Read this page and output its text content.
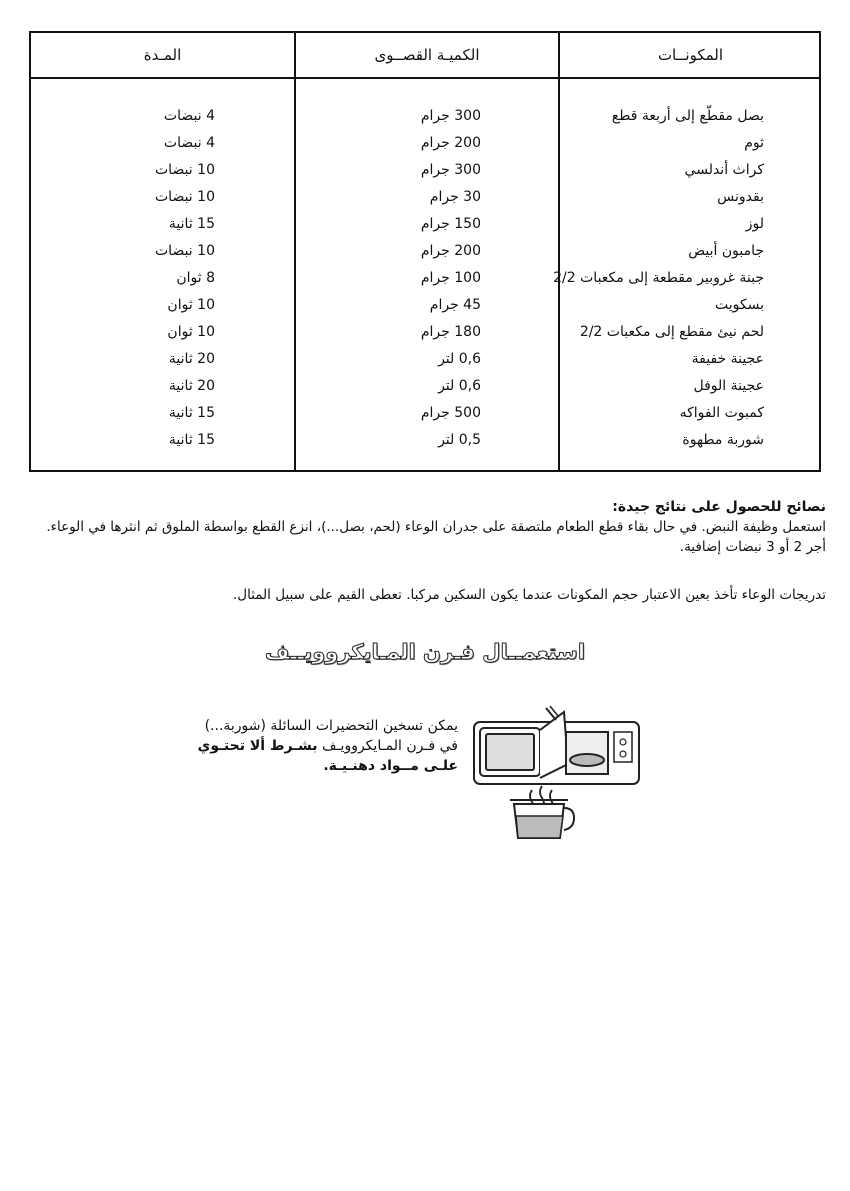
المكونــات
الكميـة القصــوى
المـدة
بصل مقطّع إلى أربعة قطع
300 جرام
4 نبضات
ثوم
200 جرام
4 نبضات
كراث أندلسي
300 جرام
10 نبضات
بقدونس
30 جرام
10 نبضات
لوز
150 جرام
15 ثانية
جامبون أبيض
200 جرام
10 نبضات
جبنة غروبير مقطعة إلى مكعبات 2/2
100 جرام
8 ثوان
بسكويت
45 جرام
10 ثوان
لحم نيئ مقطع إلى مكعبات 2/2
180 جرام
10 ثوان
عجينة خفيفة
0,6 لتر
20 ثانية
عجينة الوفل
0,6 لتر
20 ثانية
كمبوت الفواكه
500 جرام
15 ثانية
شوربة مطهوة
0,5 لتر
15 ثانية
نصائح للحصول على نتائج جيدة:
استعمل وظيفة النبض. في حال بقاء قطع الطعام ملتصقة على جدران الوعاء (لحم، بصل...)، انزع القطع بواسطة الملوق ثم انثرها في الوعاء.
أجر 2 أو 3 نبضات إضافية.
تدريجات الوعاء تأخذ بعين الاعتبار حجم المكونات عندما يكون السكين مركبا. تعطى القيم على سبيل المثال.
استعمــال فـرن المـايكروويــف
يمكن تسخين التحضيرات السائلة (شوربة...)
في فـرن المـايكروويـف بشـرط ألا تحتـوي
علـى مــواد دهنـيـة.
